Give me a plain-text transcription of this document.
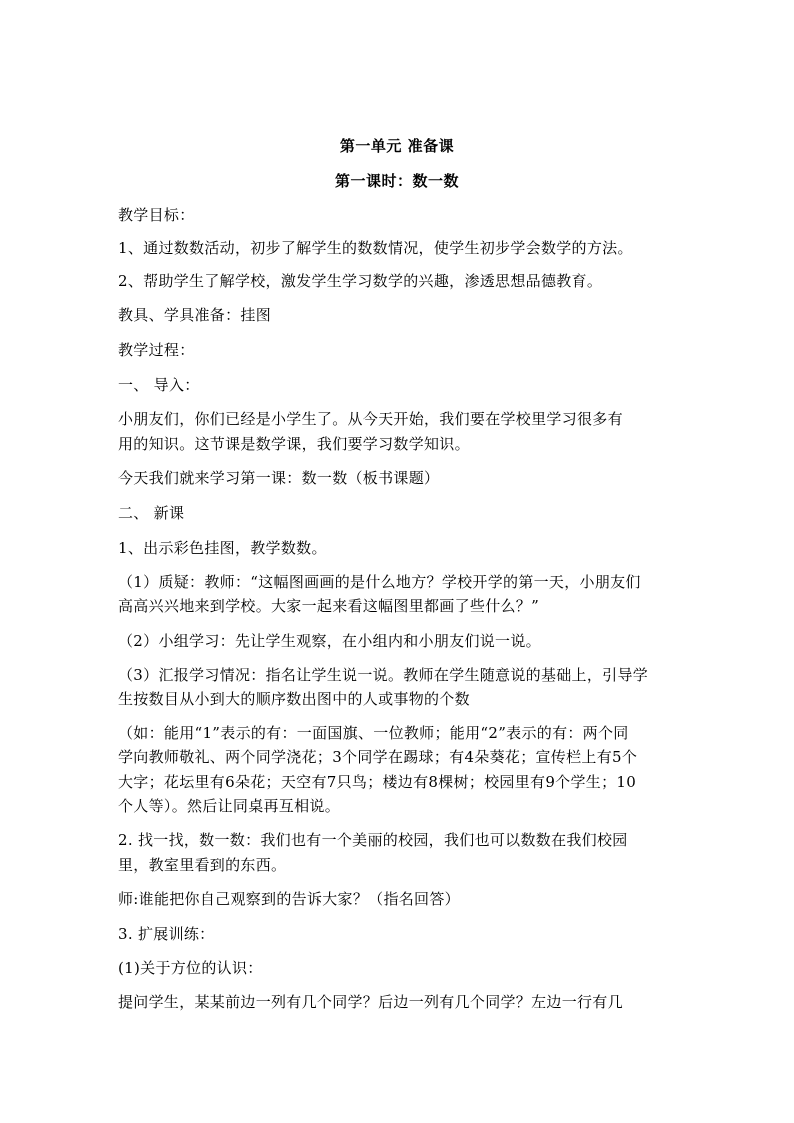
第一单元 准备课
第一课时：数一数
教学目标：
1、通过数数活动，初步了解学生的数数情况，使学生初步学会数学的方法。
2、帮助学生了解学校，激发学生学习数学的兴趣，渗透思想品德教育。
教具、学具准备：挂图
教学过程：
一、 导入：
小朋友们，你们已经是小学生了。从今天开始，我们要在学校里学习很多有
用的知识。这节课是数学课，我们要学习数学知识。
今天我们就来学习第一课：数一数（板书课题）
二、 新课
1、出示彩色挂图，教学数数。
（1）质疑：教师：“这幅图画画的是什么地方？学校开学的第一天，小朋友们
高高兴兴地来到学校。大家一起来看这幅图里都画了些什么？”
（2）小组学习：先让学生观察，在小组内和小朋友们说一说。
（3）汇报学习情况：指名让学生说一说。教师在学生随意说的基础上，引导学
生按数目从小到大的顺序数出图中的人或事物的个数
（如：能用“1”表示的有：一面国旗、一位教师；能用“2”表示的有：两个同
学向教师敬礼、两个同学浇花；3个同学在踢球；有4朵葵花；宣传栏上有5个
大字；花坛里有6朵花；天空有7只鸟；楼边有8棵树；校园里有9个学生；10
个人等）。然后让同桌再互相说。
2. 找一找，数一数：我们也有一个美丽的校园，我们也可以数数在我们校园
里，教室里看到的东西。
师:谁能把你自己观察到的告诉大家？（指名回答）
3. 扩展训练：
(1)关于方位的认识：
提问学生，某某前边一列有几个同学？后边一列有几个同学？左边一行有几
